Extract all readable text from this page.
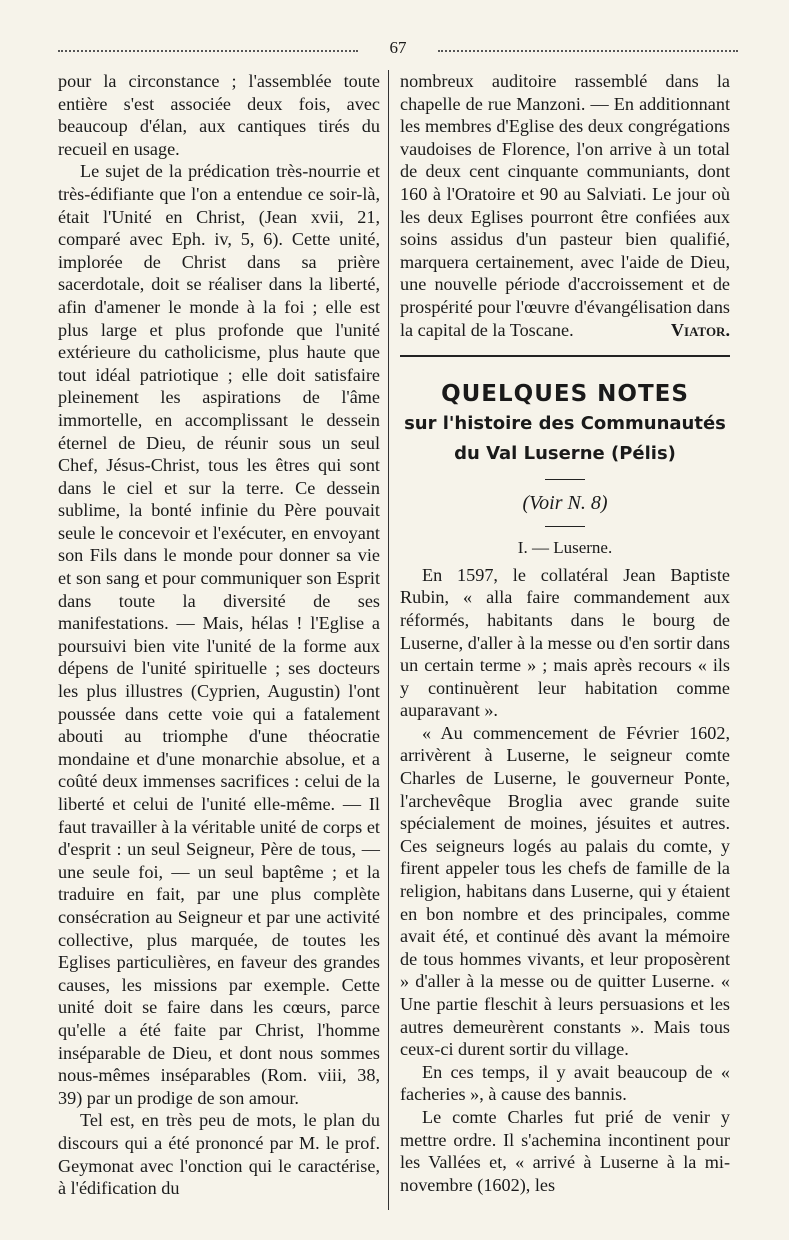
67

pour la circonstance ; l'assemblée toute entière s'est associée deux fois, avec beaucoup d'élan, aux cantiques tirés du recueil en usage.

Le sujet de la prédication très-nourrie et très-édifiante que l'on a entendue ce soir-là, était l'Unité en Christ, (Jean xvii, 21, comparé avec Eph. iv, 5, 6). Cette unité, implorée de Christ dans sa prière sacerdotale, doit se réaliser dans la liberté, afin d'amener le monde à la foi ; elle est plus large et plus profonde que l'unité extérieure du catholicisme, plus haute que tout idéal patriotique ; elle doit satisfaire pleinement les aspirations de l'âme immortelle, en accomplissant le dessein éternel de Dieu, de réunir sous un seul Chef, Jésus-Christ, tous les êtres qui sont dans le ciel et sur la terre. Ce dessein sublime, la bonté infinie du Père pouvait seule le concevoir et l'exécuter, en envoyant son Fils dans le monde pour donner sa vie et son sang et pour communiquer son Esprit dans toute la diversité de ses manifestations. — Mais, hélas ! l'Eglise a poursuivi bien vite l'unité de la forme aux dépens de l'unité spirituelle ; ses docteurs les plus illustres (Cyprien, Augustin) l'ont poussée dans cette voie qui a fatalement abouti au triomphe d'une théocratie mondaine et d'une monarchie absolue, et a coûté deux immenses sacrifices : celui de la liberté et celui de l'unité elle-même. — Il faut travailler à la véritable unité de corps et d'esprit : un seul Seigneur, Père de tous, — une seule foi, — un seul baptême ; et la traduire en fait, par une plus complète consécration au Seigneur et par une activité collective, plus marquée, de toutes les Eglises particulières, en faveur des grandes causes, les missions par exemple. Cette unité doit se faire dans les cœurs, parce qu'elle a été faite par Christ, l'homme inséparable de Dieu, et dont nous sommes nous-mêmes inséparables (Rom. viii, 38, 39) par un prodige de son amour.

Tel est, en très peu de mots, le plan du discours qui a été prononcé par M. le prof. Geymonat avec l'onction qui le caractérise, à l'édification du

nombreux auditoire rassemblé dans la chapelle de rue Manzoni. — En additionnant les membres d'Eglise des deux congrégations vaudoises de Florence, l'on arrive à un total de deux cent cinquante communiants, dont 160 à l'Oratoire et 90 au Salviati. Le jour où les deux Eglises pourront être confiées aux soins assidus d'un pasteur bien qualifié, marquera certainement, avec l'aide de Dieu, une nouvelle période d'accroissement et de prospérité pour l'œuvre d'évangélisation dans la capital de la Toscane.	Viator.

QUELQUES NOTES
sur l'histoire des Communautés
du Val Luserne (Pélis)
(Voir N. 8)
I. — Luserne.

En 1597, le collatéral Jean Baptiste Rubin, « alla faire commandement aux réformés, habitants dans le bourg de Luserne, d'aller à la messe ou d'en sortir dans un certain terme » ; mais après recours « ils y continuèrent leur habitation comme auparavant ».

« Au commencement de Février 1602, arrivèrent à Luserne, le seigneur comte Charles de Luserne, le gouverneur Ponte, l'archevêque Broglia avec grande suite spécialement de moines, jésuites et autres. Ces seigneurs logés au palais du comte, y firent appeler tous les chefs de famille de la religion, habitans dans Luserne, qui y étaient en bon nombre et des principales, comme avait été, et continué dès avant la mémoire de tous hommes vivants, et leur proposèrent » d'aller à la messe ou de quitter Luserne. « Une partie fleschit à leurs persuasions et les autres demeurèrent constants ». Mais tous ceux-ci durent sortir du village.

En ces temps, il y avait beaucoup de « facheries », à cause des bannis.

Le comte Charles fut prié de venir y mettre ordre. Il s'achemina incontinent pour les Vallées et, « arrivé à Luserne à la mi-novembre (1602), les
